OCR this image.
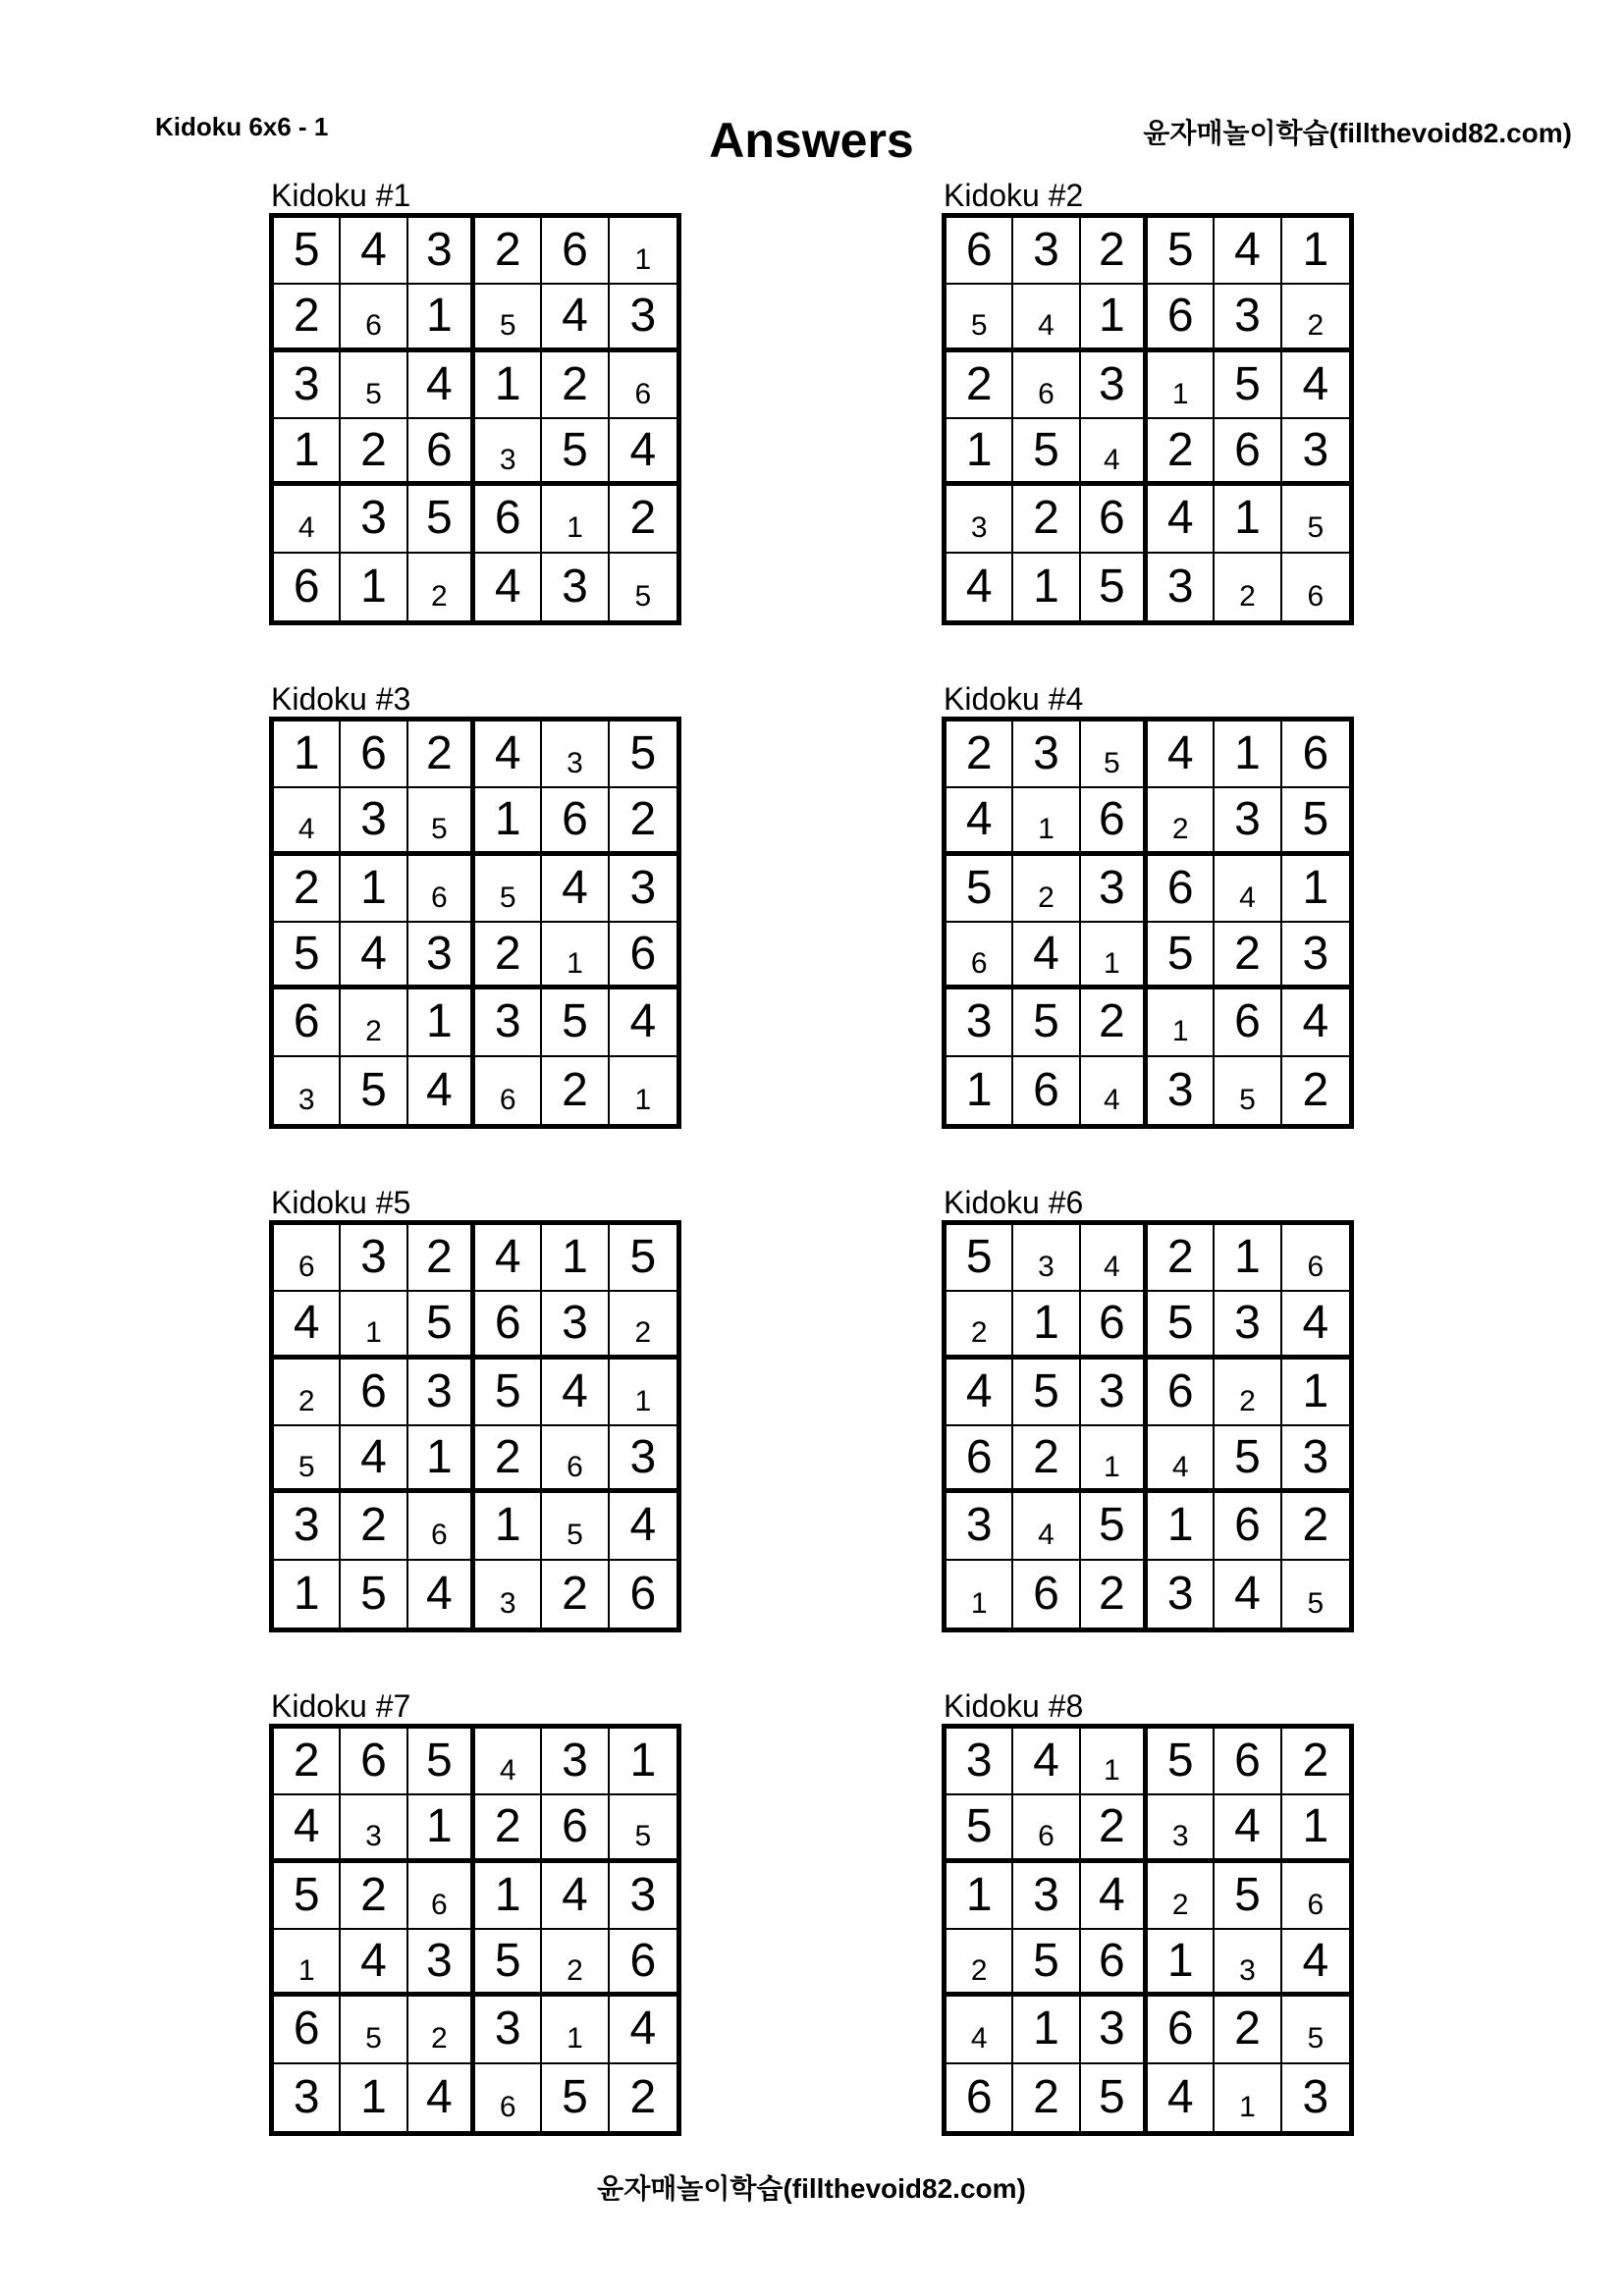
Kidoku 6x6 - 1	Answers	윤자매놀이학습(fillthevoid82.com)
Kidoku #1
5 4 3 2 6	1
2	6 1	5 4 3
3	5 4 1 2	6
1 2 6	3 5 4
4 3 5 6	1 2
6 1	2	4 3	5
Kidoku #2
6 3 2 5 4 1
5	4 1 6 3	2
2	6 3	1 5 4
1 5	4	2 6 3
3 2 6 4 1	5
4 1 5 3	2	6
Kidoku #3
1 6 2 4	3 5
4 3	5	1 6 2
2 1	6	5 4 3
5 4 3 2	1 6
6	2 1 3 5 4
3 5 4	6 2	1
Kidoku #4
2 3	5	4 1 6
4	1 6	2 3 5
5	2 3 6	4 1
6 4	1	5 2 3
3 5 2	1 6 4
1 6	4	3	5 2
Kidoku #5
6 3 2 4 1 5
4	1 5 6 3	2
2 6 3 5 4	1
5 4 1 2	6 3
3 2	6	1	5 4
1 5 4	3 2 6
Kidoku #6
5	3	4	2 1	6
2 1 6 5 3 4
4 5 3 6	2 1
6 2	1	4 5 3
3	4 5 1 6 2
1 6 2 3 4	5
Kidoku #7
2 6 5	4 3 1
4	3 1 2 6	5
5 2	6	1 4 3
1 4 3 5	2 6
6	5	2	3	1 4
3 1 4	6 5 2
Kidoku #8
3 4	1	5 6 2
5	6 2	3 4 1
1 3 4	2 5	6
2 5 6 1	3 4
4 1 3 6 2	5
6 2 5 4	1 3
윤자매놀이학습(fillthevoid82.com)
